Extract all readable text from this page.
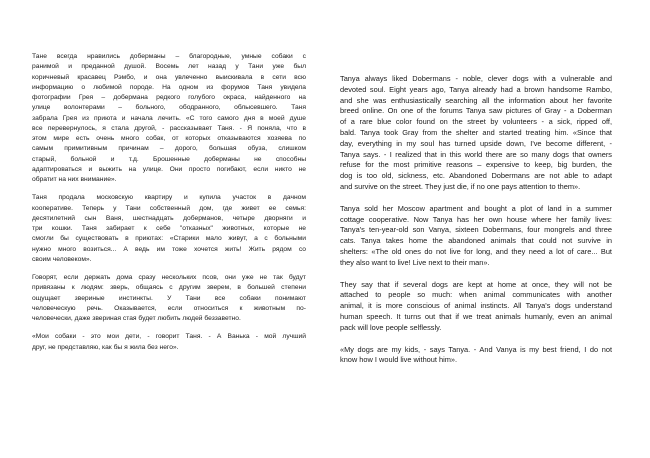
Тане всегда нравились доберманы – благородные, умные собаки с
ранимой и преданной душой. Восемь лет назад у Тани уже был
коричневый красавец Рэмбо, и она увлеченно выискивала в сети всю
информацию о любимой породе. На одном из форумов Таня увидела
фотографии Грея – добермана редкого голубого окраса, найденного на
улице волонтерами – больного, ободранного, облысевшего. Таня
забрала Грея из приюта и начала лечить. «С того самого дня в моей душе
все перевернулось, я стала другой, - рассказывает Таня. - Я поняла, что в
этом мире есть очень много собак, от которых отказываются хозяева по
самым примитивным причинам – дорого, большая обуза, слишком
старый, больной и т.д. Брошенные доберманы не способны
адаптироваться и выжить на улице. Они просто погибают, если никто не
обратит на них внимание».
Таня продала московскую квартиру и купила участок в дачном
кооперативе. Теперь у Тани собственный дом, где живет ее семья:
десятилетний сын Ваня, шестнадцать доберманов, четыре дворняги и
три кошки. Таня забирает к себе "отказных" животных, которые не
смогли бы существовать в приютах: «Старики мало живут, а с больными
нужно много возиться... А ведь им тоже хочется жить! Жить рядом со
своим человеком».
Говорят, если держать дома сразу нескольких псов, они уже не так будут
привязаны к людям: зверь, общаясь с другим зверем, в большей степени
ощущает звериные инстинкты. У Тани все собаки понимают
человеческую речь. Оказывается, если относиться к животным по-
человечески, даже звериная стая будет любить людей беззаветно.
«Мои собаки - это мои дети, - говорит Таня. - А Ванька - мой лучший
друг, не представляю, как бы я жила без него».
Tanya always liked Dobermans - noble, clever dogs with a vulnerable and
devoted soul. Eight years ago, Tanya already had a brown handsome Rambo,
and she was enthusiastically searching all the information about her favorite
breed online. On one of the forums Tanya saw pictures of Gray - a Doberman
of a rare blue color found on the street by volunteers - a sick, ripped off,
bald. Tanya took Gray from the shelter and started treating him. «Since that
day, everything in my soul has turned upside down, I've become different, -
Tanya says. - I realized that in this world there are so many dogs that owners
refuse for the most primitive reasons – expensive to keep, big burden, the
dog is too old, sickness, etc. Abandoned Dobermans are not able to adapt
and survive on the street. They just die, if no one pays attention to them».
Tanya sold her Moscow apartment and bought a plot of land in a summer
cottage cooperative. Now Tanya has her own house where her family lives:
Tanya's ten-year-old son Vanya, sixteen Dobermans, four mongrels and three
cats. Tanya takes home the abandoned animals that could not survive in
shelters: «The old ones do not live for long, and they need a lot of care... But
they also want to live! Live next to their man».
They say that if several dogs are kept at home at once, they will not be
attached to people so much: when animal communicates with another
animal, it is more conscious of animal instincts. All Tanya's dogs understand
human speech. It turns out that if we treat animals humanly, even an animal
pack will love people selflessly.
«My dogs are my kids, - says Tanya. - And Vanya is my best friend, I do not
know how I would live without him».
